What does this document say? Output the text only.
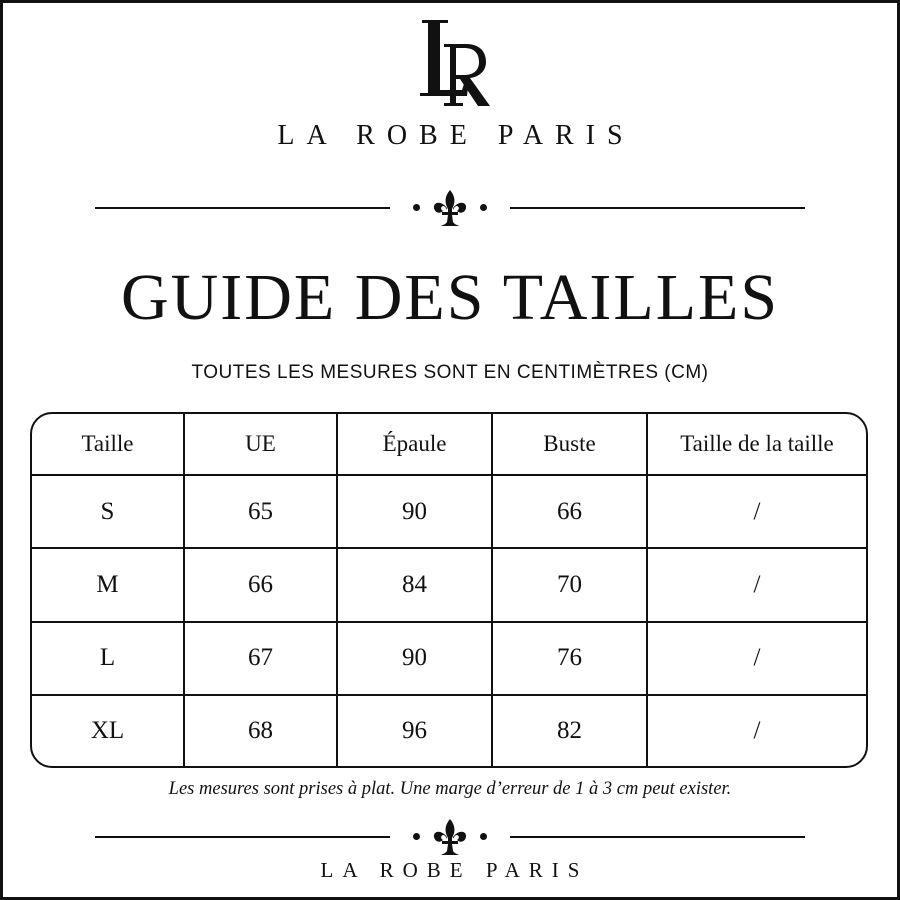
LA ROBE PARIS
GUIDE DES TAILLES
TOUTES LES MESURES SONT EN CENTIMÈTRES (CM)
Taille	UE	Épaule	Buste	Taille de la taille
S	65	90	66	/
M	66	84	70	/
L	67	90	76	/
XL	68	96	82	/
Les mesures sont prises à plat. Une marge d’erreur de 1 à 3 cm peut exister.
LA ROBE PARIS
